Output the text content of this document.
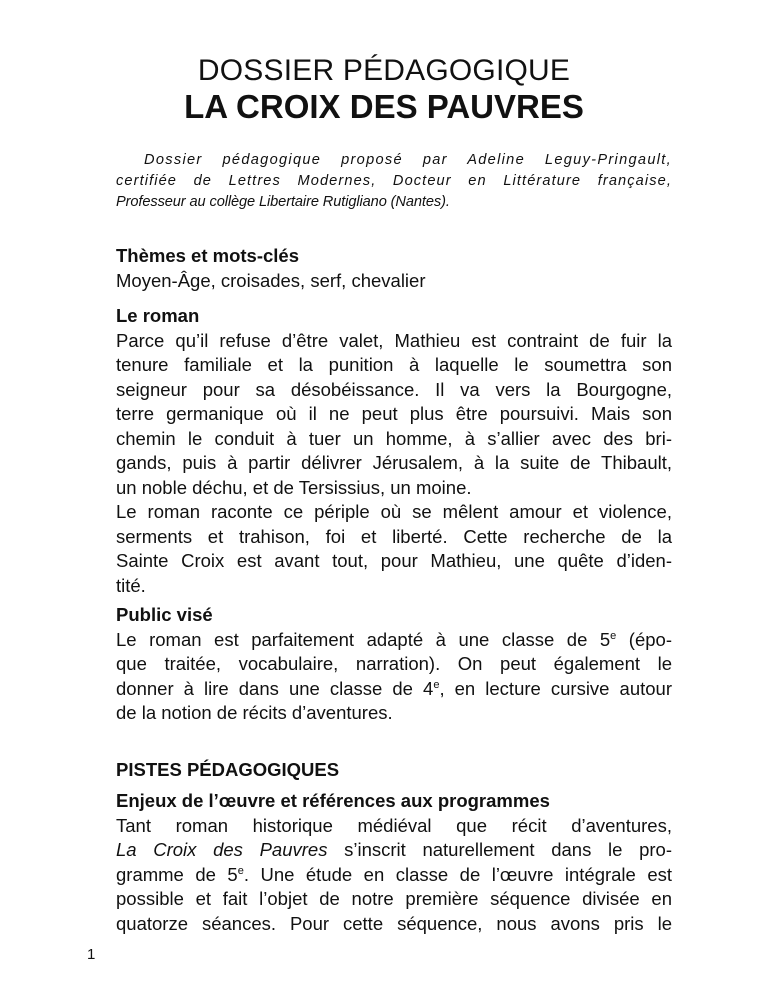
DOSSIER PÉDAGOGIQUE
LA CROIX DES PAUVRES
Dossier pédagogique proposé par Adeline Leguy-Pringault,
certifiée de Lettres Modernes, Docteur en Littérature française,
Professeur au collège Libertaire Rutigliano (Nantes).
Thèmes et mots-clés

Moyen-Âge, croisades, serf, chevalier

Le roman

Parce qu’il refuse d’être valet, Mathieu est contraint de fuir la
tenure familiale et la punition à laquelle le soumettra son
seigneur pour sa désobéissance. Il va vers la Bourgogne,
terre germanique où il ne peut plus être poursuivi. Mais son
chemin le conduit à tuer un homme, à s’allier avec des bri-
gands, puis à partir délivrer Jérusalem, à la suite de Thibault,
un noble déchu, et de Tersissius, un moine.
Le roman raconte ce périple où se mêlent amour et violence,
serments et trahison, foi et liberté. Cette recherche de la
Sainte Croix est avant tout, pour Mathieu, une quête d’iden-
tité.

Public visé

Le roman est parfaitement adapté à une classe de 5e (épo-
que traitée, vocabulaire, narration). On peut également le
donner à lire dans une classe de 4e, en lecture cursive autour
de la notion de récits d’aventures.

PISTES PÉDAGOGIQUES
Enjeux de l’œuvre et références aux programmes

Tant roman historique médiéval que récit d’aventures,
La Croix des Pauvres s’inscrit naturellement dans le pro-
gramme de 5e. Une étude en classe de l’œuvre intégrale est
possible et fait l’objet de notre première séquence divisée en
quatorze séances. Pour cette séquence, nous avons pris le

1
